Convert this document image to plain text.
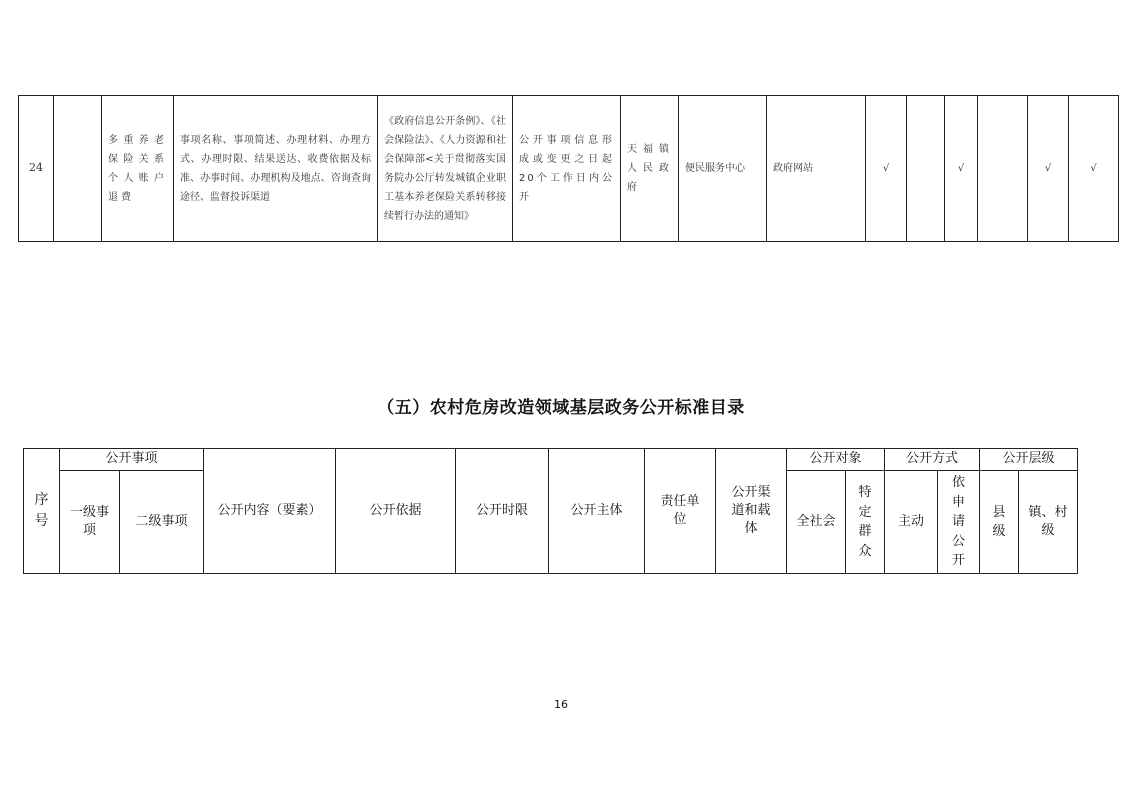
24		多重养老保险关系个人账户退费	事项名称、事项简述、办理材料、办理方式、办理时限、结果送达、收费依据及标准、办事时间、办理机构及地点、咨询查询途径、监督投诉渠道	《政府信息公开条例》、《社会保险法》、《人力资源和社会保障部<关于贯彻落实国务院办公厅转发城镇企业职工基本养老保险关系转移接续暂行办法的通知》	公开事项信息形成或变更之日起20个工作日内公开	天福镇人民政府	便民服务中心	政府网站	√		√		√	√
（五）农村危房改造领域基层政务公开标准目录
序号	公开事项		公开内容（要素）	公开依据	公开时限	公开主体	责任单位	公开渠道和载体	公开对象		公开方式		公开层级	
	一级事项	二级事项							全社会	特定群众	主动	依申请公开	县级	镇、村级
16
